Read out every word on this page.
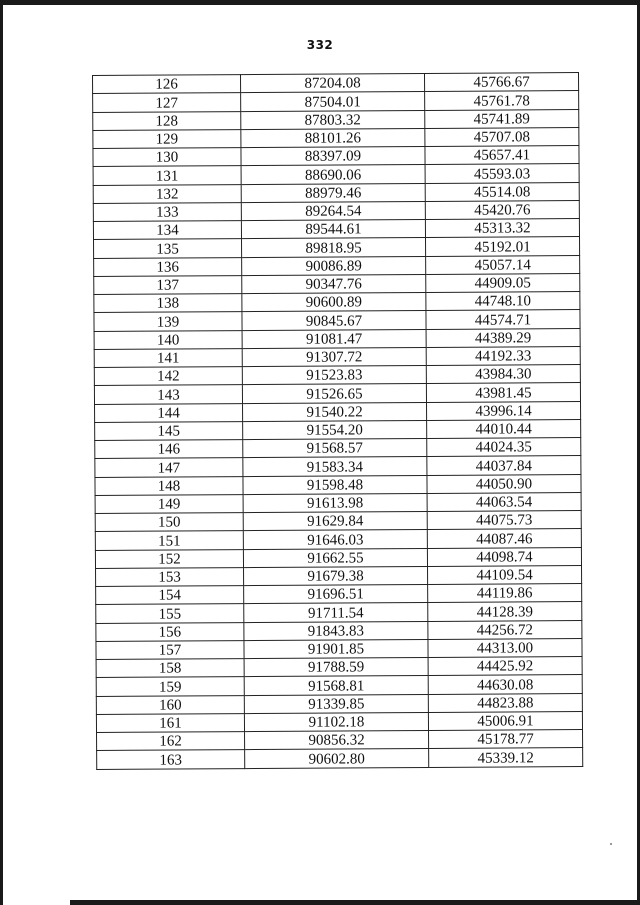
332
126	87204.08	45766.67
127	87504.01	45761.78
128	87803.32	45741.89
129	88101.26	45707.08
130	88397.09	45657.41
131	88690.06	45593.03
132	88979.46	45514.08
133	89264.54	45420.76
134	89544.61	45313.32
135	89818.95	45192.01
136	90086.89	45057.14
137	90347.76	44909.05
138	90600.89	44748.10
139	90845.67	44574.71
140	91081.47	44389.29
141	91307.72	44192.33
142	91523.83	43984.30
143	91526.65	43981.45
144	91540.22	43996.14
145	91554.20	44010.44
146	91568.57	44024.35
147	91583.34	44037.84
148	91598.48	44050.90
149	91613.98	44063.54
150	91629.84	44075.73
151	91646.03	44087.46
152	91662.55	44098.74
153	91679.38	44109.54
154	91696.51	44119.86
155	91711.54	44128.39
156	91843.83	44256.72
157	91901.85	44313.00
158	91788.59	44425.92
159	91568.81	44630.08
160	91339.85	44823.88
161	91102.18	45006.91
162	90856.32	45178.77
163	90602.80	45339.12
